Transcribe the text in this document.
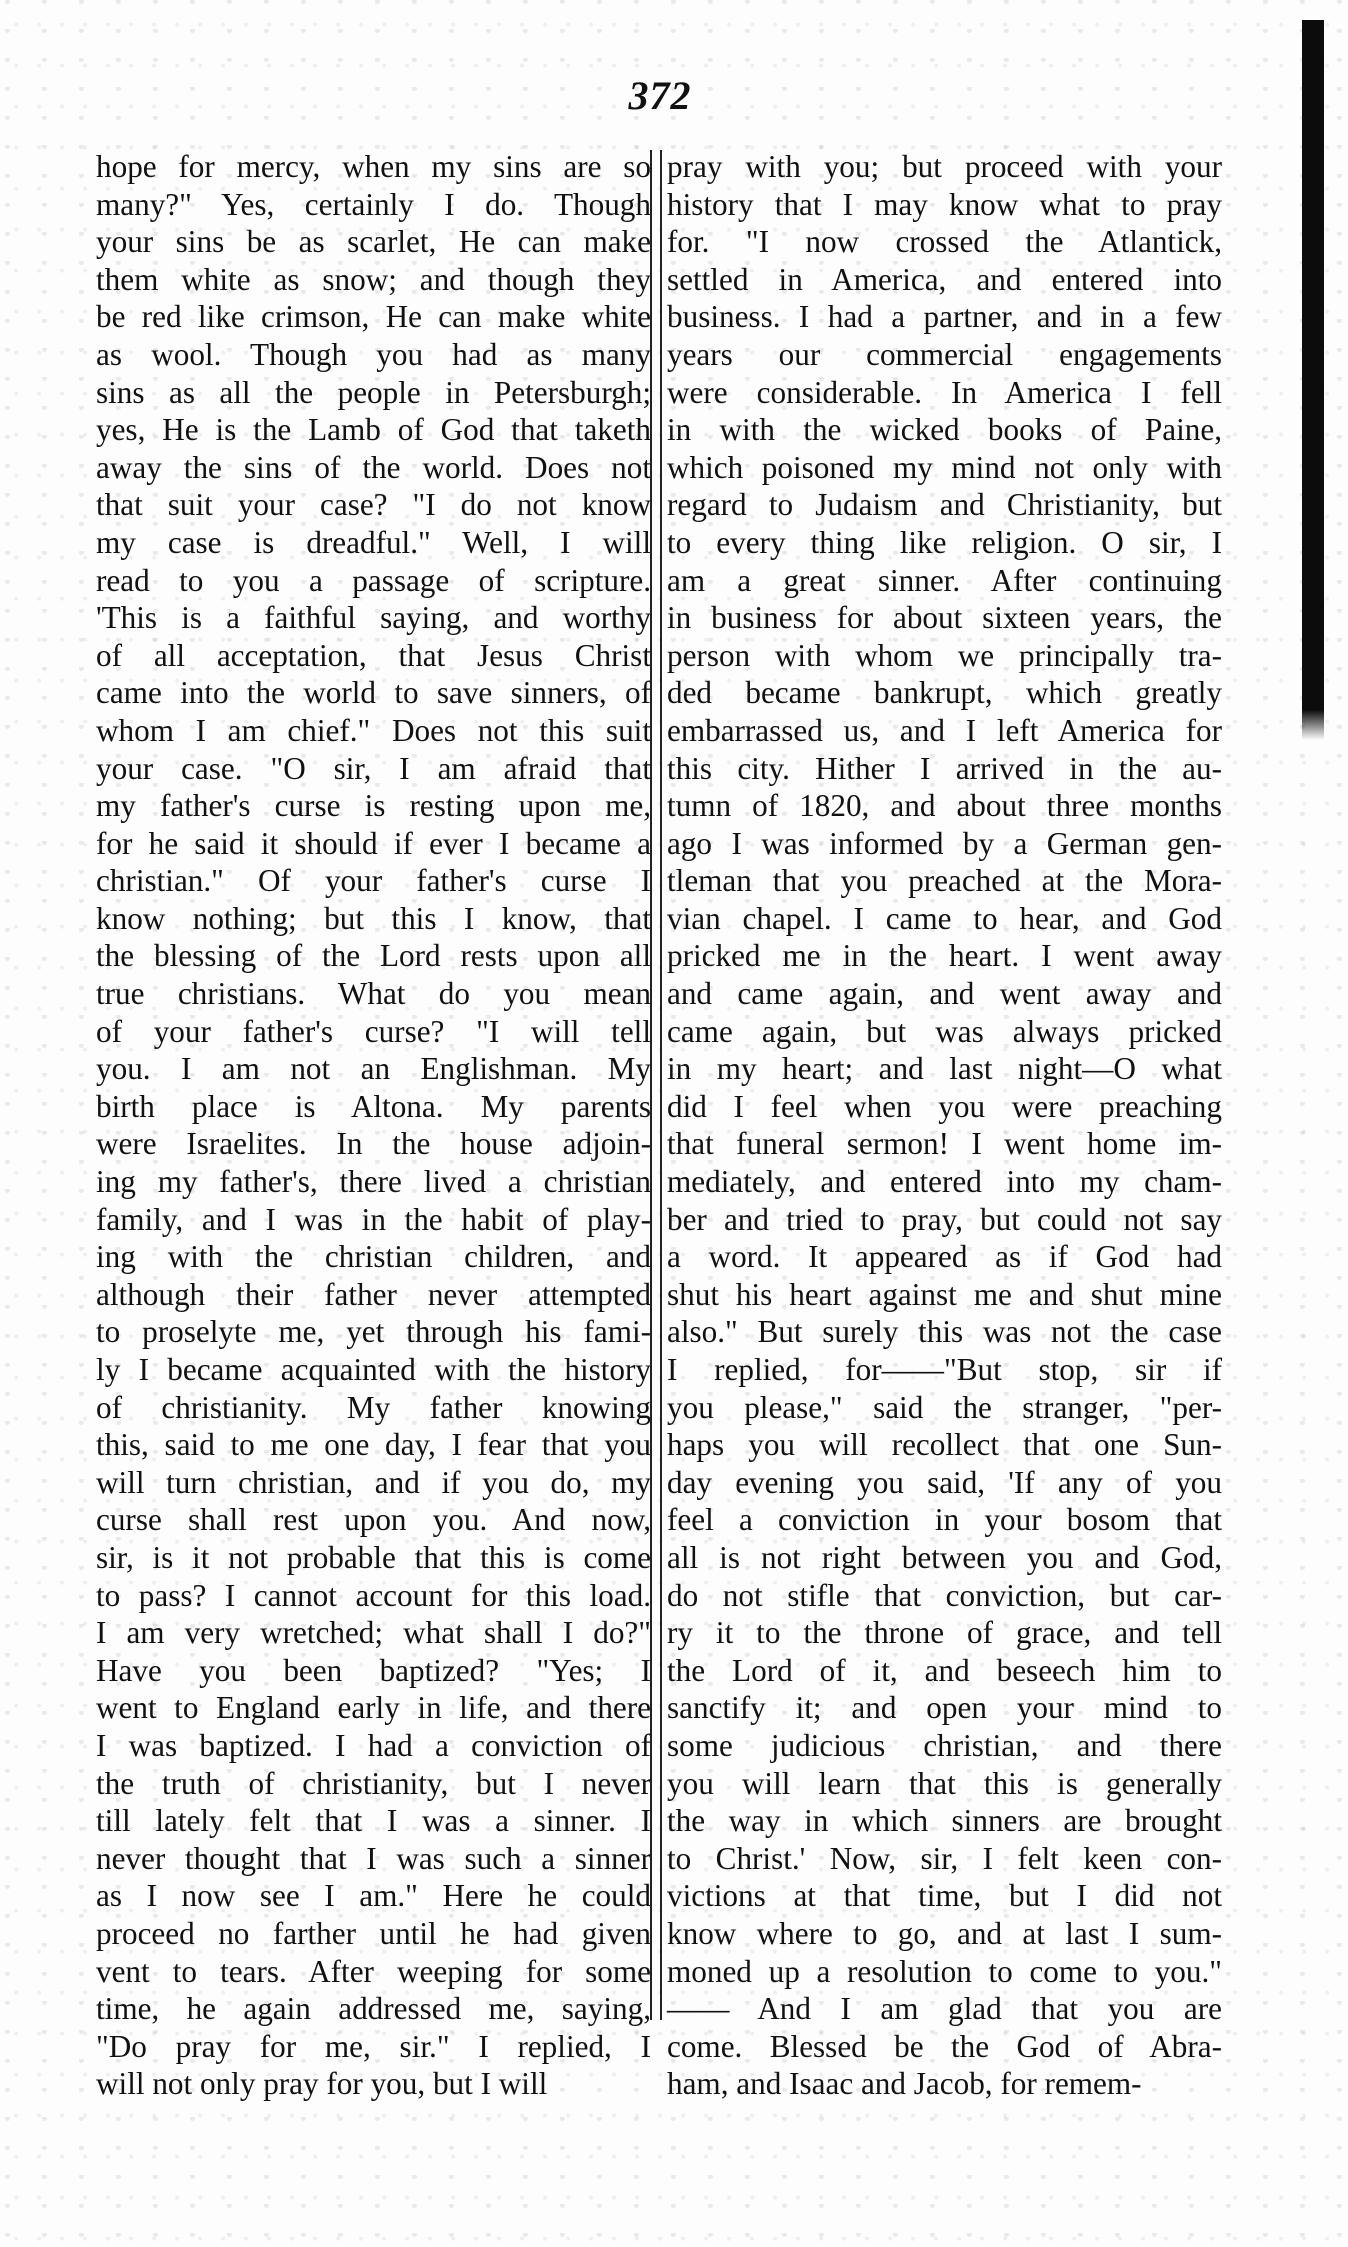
372
hope for mercy, when my sins are so
many?" Yes, certainly I do. Though
your sins be as scarlet, He can make
them white as snow; and though they
be red like crimson, He can make white
as wool. Though you had as many
sins as all the people in Petersburgh;
yes, He is the Lamb of God that taketh
away the sins of the world. Does not
that suit your case? "I do not know
my case is dreadful." Well, I will
read to you a passage of scripture.
'This is a faithful saying, and worthy
of all acceptation, that Jesus Christ
came into the world to save sinners, of
whom I am chief." Does not this suit
your case. "O sir, I am afraid that
my father's curse is resting upon me,
for he said it should if ever I became a
christian." Of your father's curse I
know nothing; but this I know, that
the blessing of the Lord rests upon all
true christians. What do you mean
of your father's curse? "I will tell
you. I am not an Englishman. My
birth place is Altona. My parents
were Israelites. In the house adjoin-
ing my father's, there lived a christian
family, and I was in the habit of play-
ing with the christian children, and
although their father never attempted
to proselyte me, yet through his fami-
ly I became acquainted with the history
of christianity. My father knowing
this, said to me one day, I fear that you
will turn christian, and if you do, my
curse shall rest upon you. And now,
sir, is it not probable that this is come
to pass? I cannot account for this load.
I am very wretched; what shall I do?"
Have you been baptized? "Yes; I
went to England early in life, and there
I was baptized. I had a conviction of
the truth of christianity, but I never
till lately felt that I was a sinner. I
never thought that I was such a sinner
as I now see I am." Here he could
proceed no farther until he had given
vent to tears. After weeping for some
time, he again addressed me, saying,
"Do pray for me, sir." I replied, I
will not only pray for you, but I will
pray with you; but proceed with your
history that I may know what to pray
for. "I now crossed the Atlantick,
settled in America, and entered into
business. I had a partner, and in a few
years our commercial engagements
were considerable. In America I fell
in with the wicked books of Paine,
which poisoned my mind not only with
regard to Judaism and Christianity, but
to every thing like religion. O sir, I
am a great sinner. After continuing
in business for about sixteen years, the
person with whom we principally tra-
ded became bankrupt, which greatly
embarrassed us, and I left America for
this city. Hither I arrived in the au-
tumn of 1820, and about three months
ago I was informed by a German gen-
tleman that you preached at the Mora-
vian chapel. I came to hear, and God
pricked me in the heart. I went away
and came again, and went away and
came again, but was always pricked
in my heart; and last night—O what
did I feel when you were preaching
that funeral sermon! I went home im-
mediately, and entered into my cham-
ber and tried to pray, but could not say
a word. It appeared as if God had
shut his heart against me and shut mine
also." But surely this was not the case
I replied, for——"But stop, sir if
you please," said the stranger, "per-
haps you will recollect that one Sun-
day evening you said, 'If any of you
feel a conviction in your bosom that
all is not right between you and God,
do not stifle that conviction, but car-
ry it to the throne of grace, and tell
the Lord of it, and beseech him to
sanctify it; and open your mind to
some judicious christian, and there
you will learn that this is generally
the way in which sinners are brought
to Christ.' Now, sir, I felt keen con-
victions at that time, but I did not
know where to go, and at last I sum-
moned up a resolution to come to you."
—— And I am glad that you are
come. Blessed be the God of Abra-
ham, and Isaac and Jacob, for remem-
